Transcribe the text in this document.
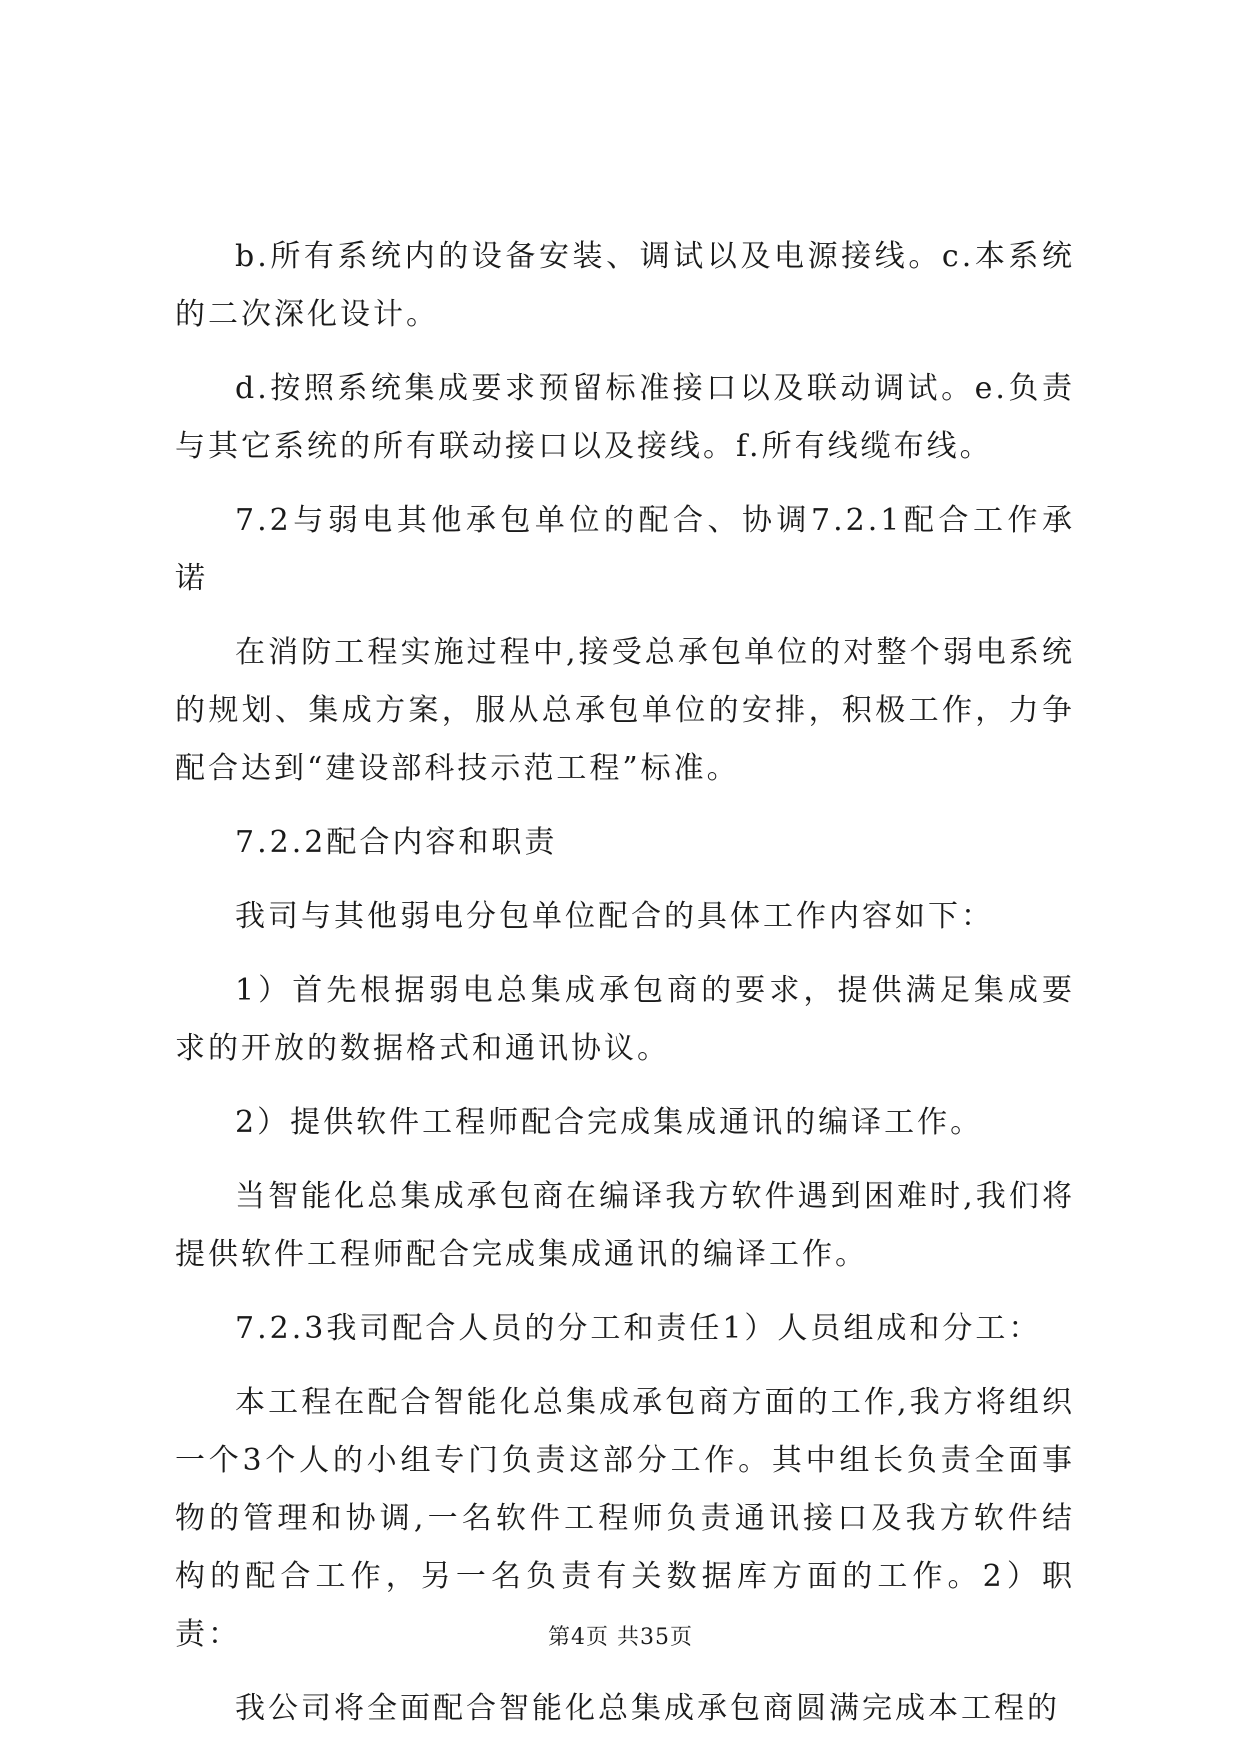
b.所有系统内的设备安装、调试以及电源接线。c.本系统的二次深化设计。

d.按照系统集成要求预留标准接口以及联动调试。e.负责与其它系统的所有联动接口以及接线。f.所有线缆布线。

7.2与弱电其他承包单位的配合、协调7.2.1配合工作承诺

在消防工程实施过程中,接受总承包单位的对整个弱电系统的规划、集成方案，服从总承包单位的安排，积极工作，力争配合达到“建设部科技示范工程”标准。

7.2.2配合内容和职责

我司与其他弱电分包单位配合的具体工作内容如下：

1）首先根据弱电总集成承包商的要求，提供满足集成要求的开放的数据格式和通讯协议。

2）提供软件工程师配合完成集成通讯的编译工作。

当智能化总集成承包商在编译我方软件遇到困难时,我们将提供软件工程师配合完成集成通讯的编译工作。

7.2.3我司配合人员的分工和责任1）人员组成和分工：

本工程在配合智能化总集成承包商方面的工作,我方将组织一个3个人的小组专门负责这部分工作。其中组长负责全面事物的管理和协调,一名软件工程师负责通讯接口及我方软件结构的配合工作，另一名负责有关数据库方面的工作。2）职责：

我公司将全面配合智能化总集成承包商圆满完成本工程的

第4页 共35页
